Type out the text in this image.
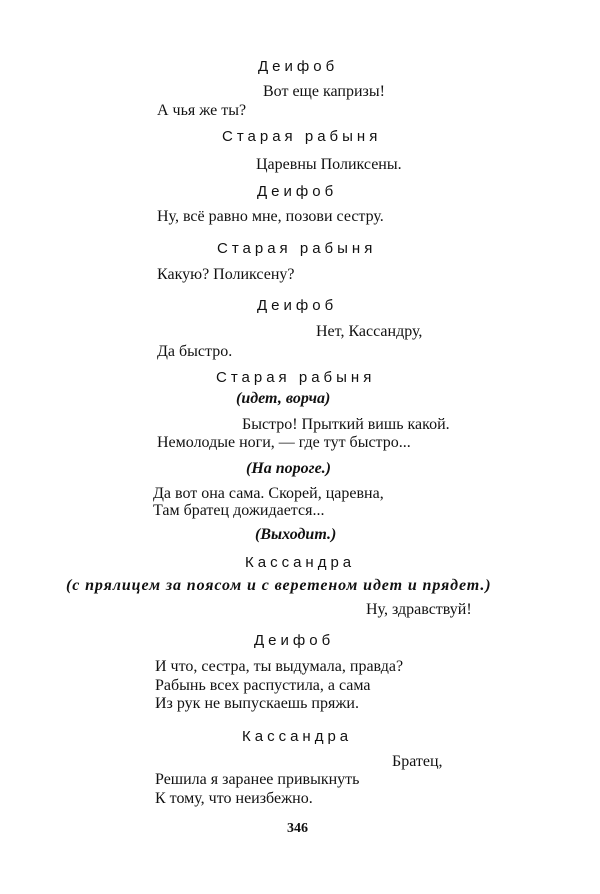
Деифоб
Вот еще капризы!
А чья же ты?
Старая рабыня
Царевны Поликсены.
Деифоб
Ну, всё равно мне, позови сестру.
Старая рабыня
Какую? Поликсену?
Деифоб
Нет, Кассандру,
Да быстро.
Старая рабыня
(идет, ворча)
Быстро! Прыткий вишь какой.
Немолодые ноги, — где тут быстро...
(На пороге.)
Да вот она сама. Скорей, царевна,
Там братец дожидается...
(Выходит.)
Кассандра
(с прялицем за поясом и с веретеном идет и прядет.)
Ну, здравствуй!
Деифоб
И что, сестра, ты выдумала, правда?
Рабынь всех распустила, а сама
Из рук не выпускаешь пряжи.
Кассандра
Братец,
Решила я заранее привыкнуть
К тому, что неизбежно.
346
